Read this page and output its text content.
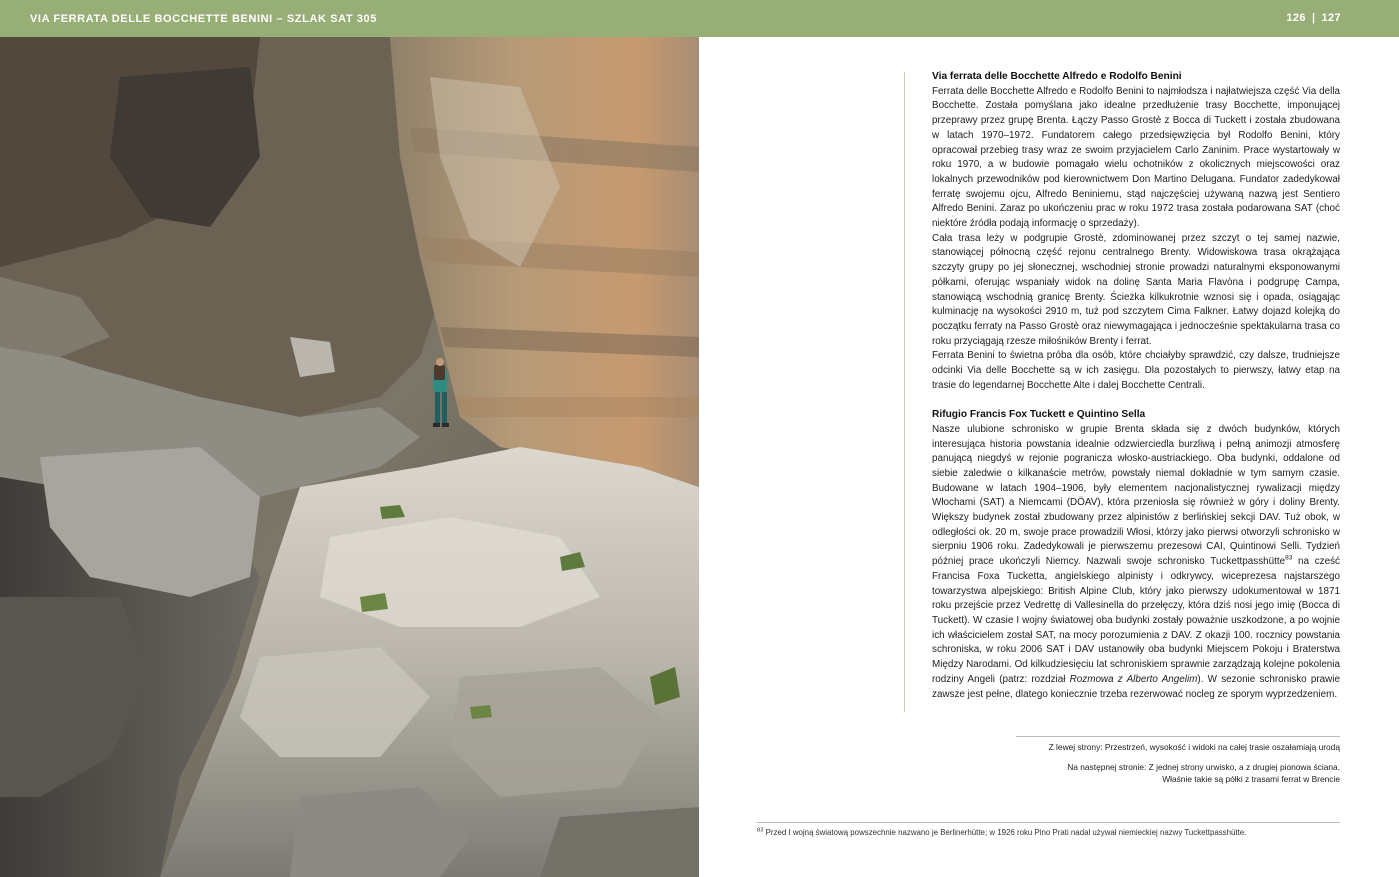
VIA FERRATA DELLE BOCCHETTE BENINI – SZLAK SAT 305	126 | 127
Via ferrata delle Bocchette Alfredo e Rodolfo Benini

Ferrata delle Bocchette Alfredo e Rodolfo Benini to najmłodsza i najłatwiejsza część Via della Bocchette. Została pomyślana jako idealne przedłużenie trasy Bocchette, imponującej przeprawy przez grupę Brenta. Łączy Passo Grostè z Bocca di Tuckett i została zbudowana w latach 1970–1972. Fundatorem całego przedsięwzięcia był Rodolfo Benini, który opracował przebieg trasy wraz ze swoim przyjacielem Carlo Zaninim. Prace wystartowały w roku 1970, a w budowie pomagało wielu ochotników z okolicznych miejscowości oraz lokalnych przewodników pod kierownictwem Don Martino Delugana. Fundator zadedykował ferratę swojemu ojcu, Alfredo Beniniemu, stąd najczęściej używaną nazwą jest Sentiero Alfredo Benini. Zaraz po ukończeniu prac w roku 1972 trasa została podarowana SAT (choć niektóre źródła podają informację o sprzedaży).

Cała trasa leży w podgrupie Grostè, zdominowanej przez szczyt o tej samej nazwie, stanowiącej północną część rejonu centralnego Brenty. Widowiskowa trasa okrążająca szczyty grupy po jej słonecznej, wschodniej stronie prowadzi naturalnymi eksponowanymi półkami, oferując wspaniały widok na dolinę Santa Maria Flavòna i podgrupę Campa, stanowiącą wschodnią granicę Brenty. Ścieżka kilkukrotnie wznosi się i opada, osiągając kulminację na wysokości 2910 m, tuż pod szczytem Cima Falkner. Łatwy dojazd kolejką do początku ferraty na Passo Grostè oraz niewymagająca i jednocześnie spektakularna trasa co roku przyciągają rzesze miłośników Brenty i ferrat.

Ferrata Benini to świetna próba dla osób, które chciałyby sprawdzić, czy dalsze, trudniejsze odcinki Via delle Bocchette są w ich zasięgu. Dla pozostałych to pierwszy, łatwy etap na trasie do legendarnej Bocchette Alte i dalej Bocchette Centrali.

Rifugio Francis Fox Tuckett e Quintino Sella

Nasze ulubione schronisko w grupie Brenta składa się z dwóch budynków, których interesująca historia powstania idealnie odzwierciedla burzliwą i pełną animozji atmosferę panującą niegdyś w rejonie pogranicza włosko-austriackiego. Oba budynki, oddalone od siebie zaledwie o kilkanaście metrów, powstały niemal dokładnie w tym samym czasie. Budowane w latach 1904–1906, były elementem nacjonalistycznej rywalizacji między Włochami (SAT) a Niemcami (DÖAV), która przeniosła się również w góry i doliny Brenty. Większy budynek został zbudowany przez alpinistów z berlińskiej sekcji DAV. Tuż obok, w odległości ok. 20 m, swoje prace prowadzili Włosi, którzy jako pierwsi otworzyli schronisko w sierpniu 1906 roku. Zadedykowali je pierwszemu prezesowi CAI, Quintinowi Selli. Tydzień później prace ukończyli Niemcy. Nazwali swoje schronisko Tuckettpasshütte$^{83}$ na cześć Francisa Foxa Tucketta, angielskiego alpinisty i odkrywcy, wiceprezesa najstarszego towarzystwa alpejskiego: British Alpine Club, który jako pierwszy udokumentował w 1871 roku przejście przez Vedrettę di Vallesinella do przełęczy, która dziś nosi jego imię (Bocca di Tuckett). W czasie I wojny światowej oba budynki zostały poważnie uszkodzone, a po wojnie ich właścicielem został SAT, na mocy porozumienia z DAV. Z okazji 100. rocznicy powstania schroniska, w roku 2006 SAT i DAV ustanowiły oba budynki Miejscem Pokoju i Braterstwa Między Narodami. Od kilkudziesięciu lat schroniskiem sprawnie zarządzają kolejne pokolenia rodziny Angeli (patrz: rozdział Rozmowa z Alberto Angelim). W sezonie schronisko prawie zawsze jest pełne, dlatego koniecznie trzeba rezerwować nocleg ze sporym wyprzedzeniem.

Z lewej strony: Przestrzeń, wysokość i widoki na całej trasie oszałamiają urodą

Na następnej stronie: Z jednej strony urwisko, a z drugiej pionowa ściana.

Właśnie takie są półki z trasami ferrat w Brencie

$^{83}$ Przed I wojną światową powszechnie nazwano je Berlinerhütte; w 1926 roku Pino Prati nadal używał niemieckiej nazwy Tuckettpasshütte.
